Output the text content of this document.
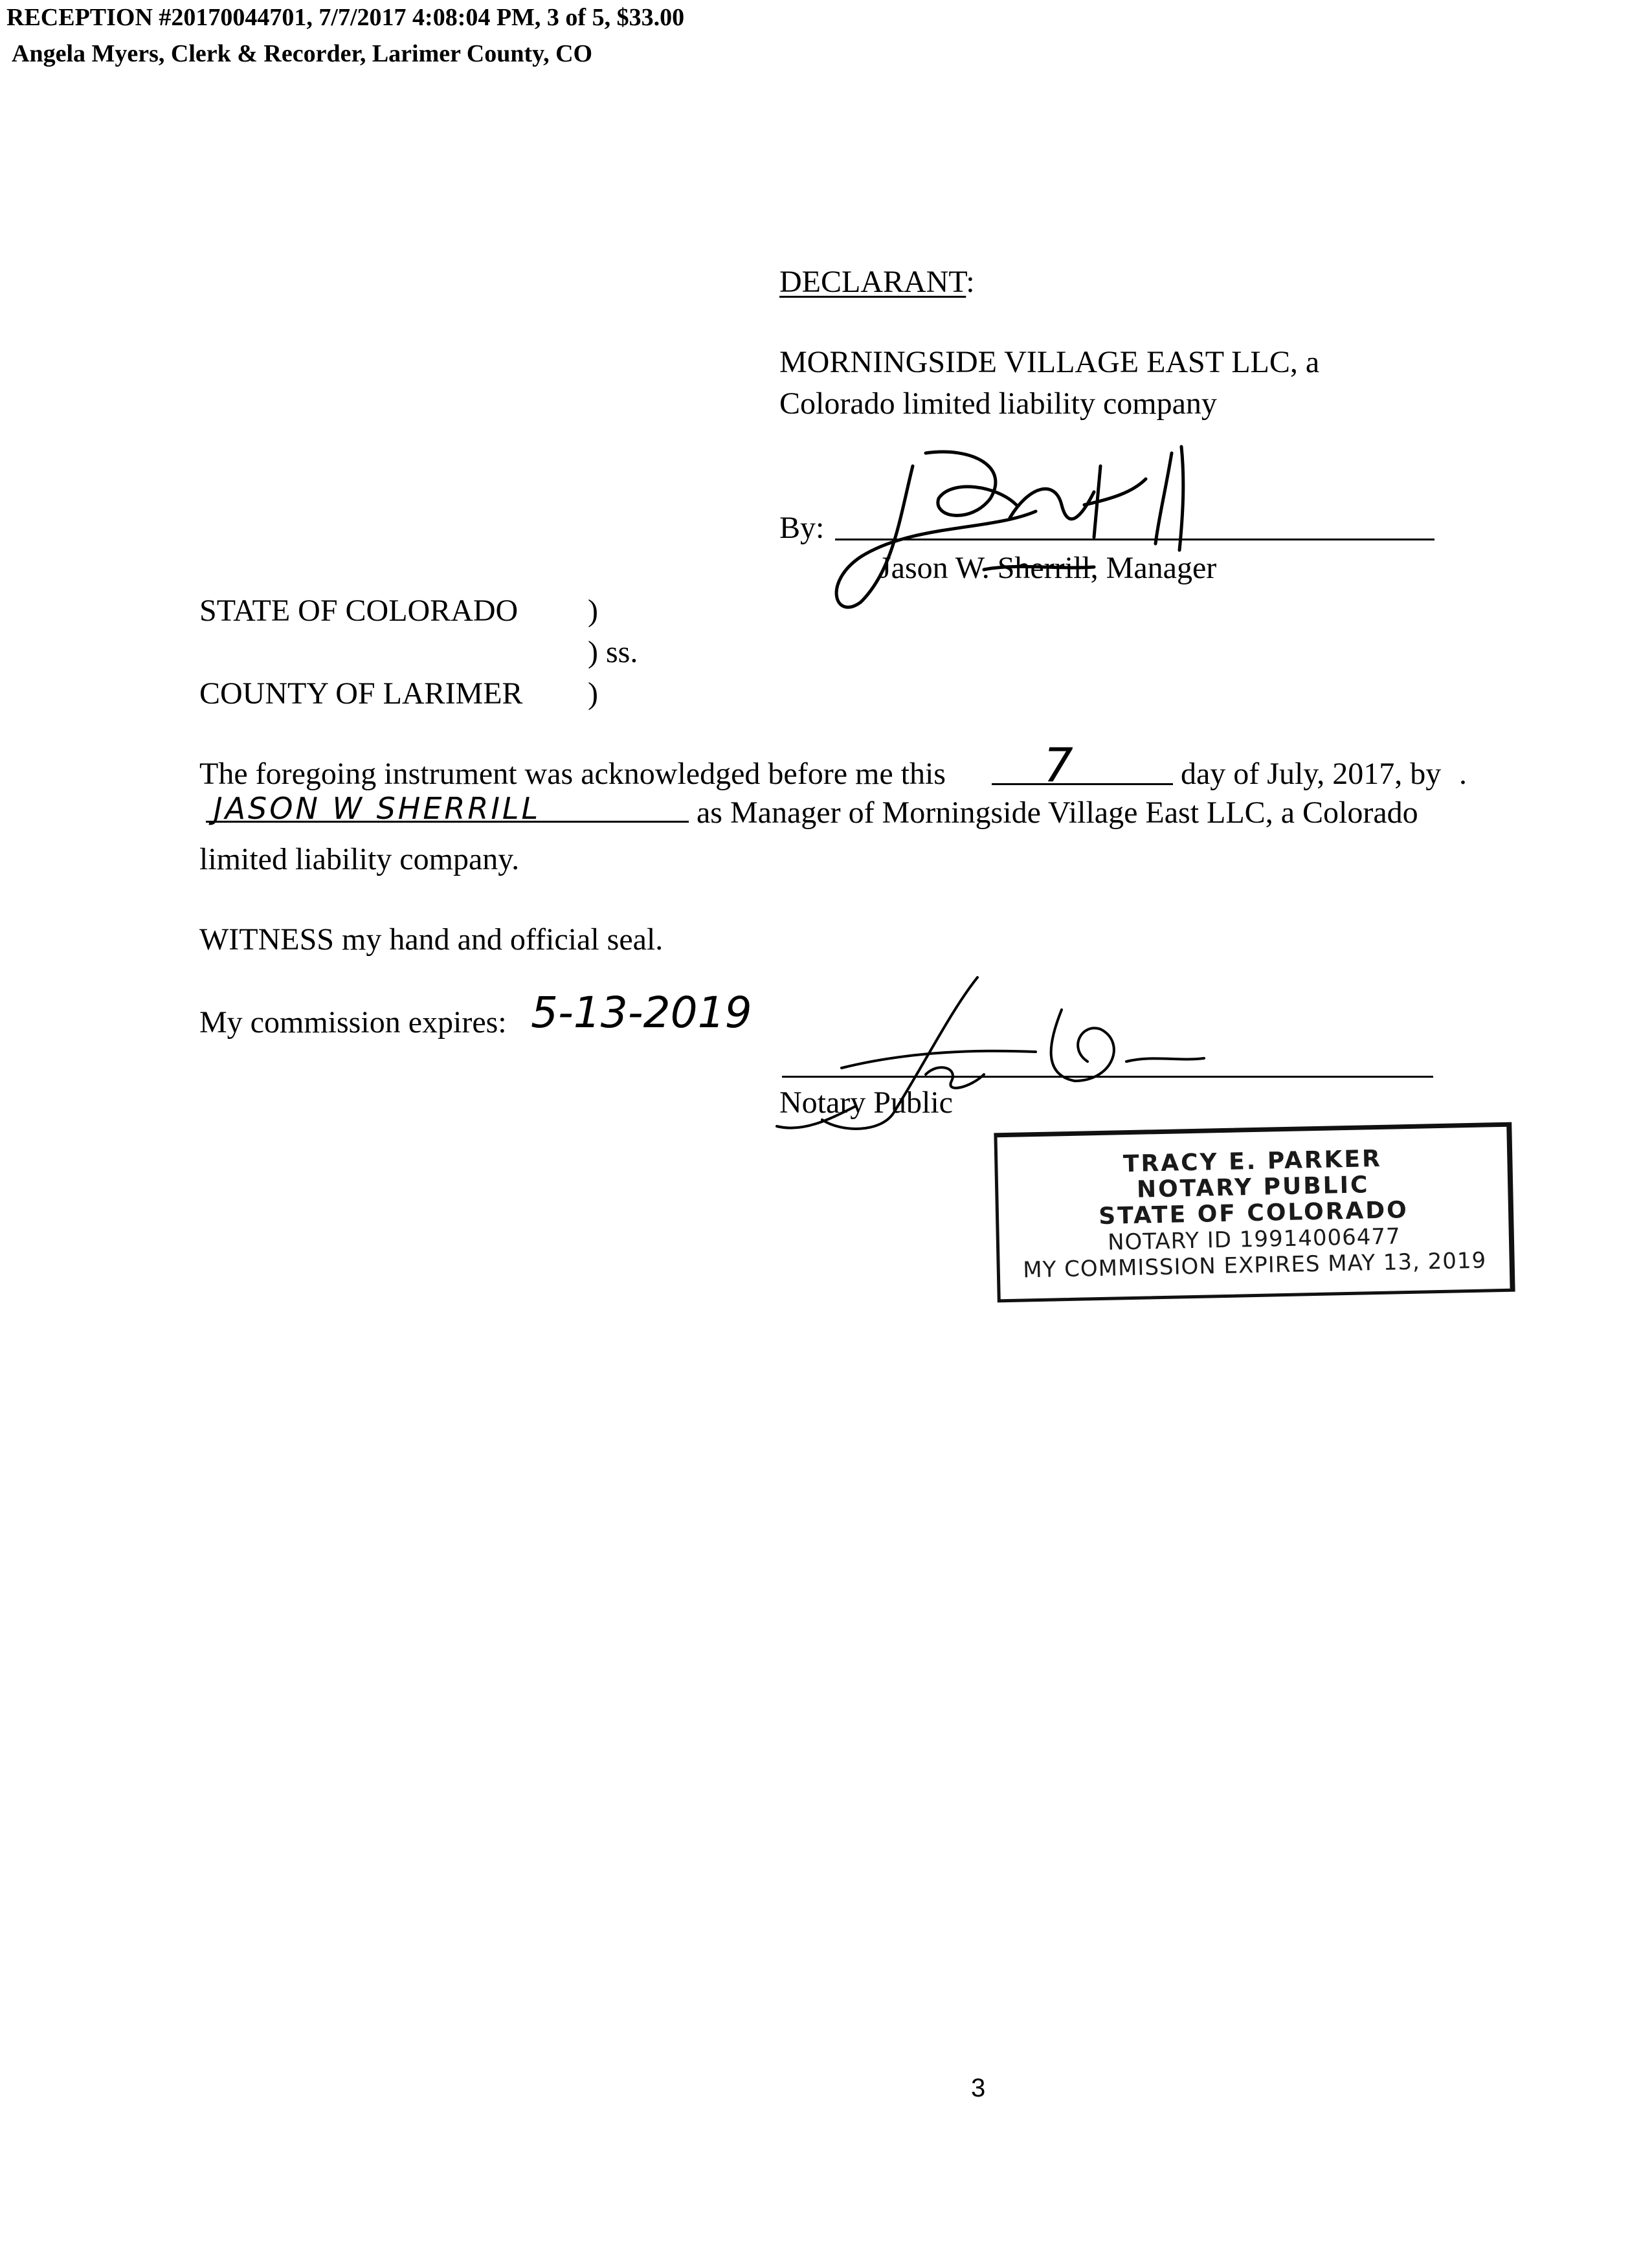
RECEPTION #20170044701, 7/7/2017 4:08:04 PM, 3 of 5, $33.00
Angela Myers, Clerk & Recorder, Larimer County, CO
DECLARANT:
MORNINGSIDE VILLAGE EAST LLC, a
Colorado limited liability company
By:
Jason W. Sherrill, Manager
STATE OF COLORADO )
) ss.
COUNTY OF LARIMER )
The foregoing instrument was acknowledged before me this 7	day of July, 2017, by .
JASON W SHERRILL	as Manager of Morningside Village East LLC, a Colorado
limited liability company.
WITNESS my hand and official seal.
My commission expires: 5-13-2019
Notary Public
TRACY E. PARKER
NOTARY PUBLIC
STATE OF COLORADO
NOTARY ID 19914006477
MY COMMISSION EXPIRES MAY 13, 2019
3
